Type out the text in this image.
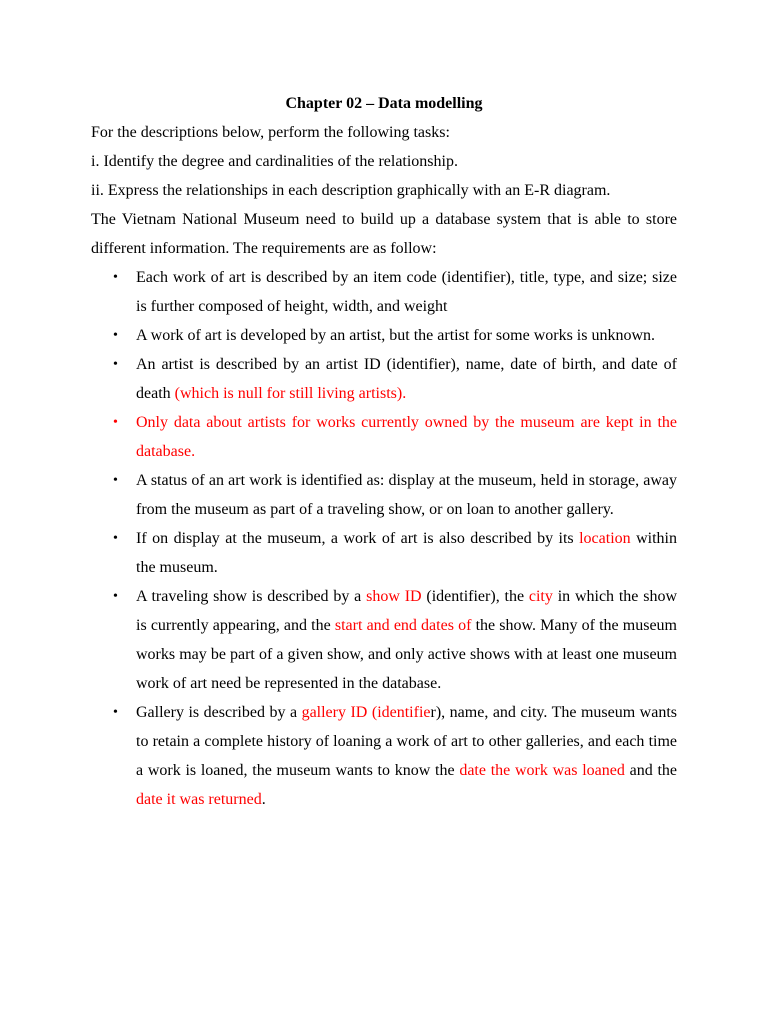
Chapter 02 – Data modelling

For the descriptions below, perform the following tasks:

i. Identify the degree and cardinalities of the relationship.

ii. Express the relationships in each description graphically with an E-R diagram.

The Vietnam National Museum need to build up a database system that is able to store different information. The requirements are as follow:

• Each work of art is described by an item code (identifier), title, type, and size; size is further composed of height, width, and weight
• A work of art is developed by an artist, but the artist for some works is unknown.
• An artist is described by an artist ID (identifier), name, date of birth, and date of death (which is null for still living artists).
• Only data about artists for works currently owned by the museum are kept in the database.
• A status of an art work is identified as: display at the museum, held in storage, away from the museum as part of a traveling show, or on loan to another gallery.
• If on display at the museum, a work of art is also described by its location within the museum.
• A traveling show is described by a show ID (identifier), the city in which the show is currently appearing, and the start and end dates of the show. Many of the museum works may be part of a given show, and only active shows with at least one museum work of art need be represented in the database.
• Gallery is described by a gallery ID (identifier), name, and city. The museum wants to retain a complete history of loaning a work of art to other galleries, and each time a work is loaned, the museum wants to know the date the work was loaned and the date it was returned.
